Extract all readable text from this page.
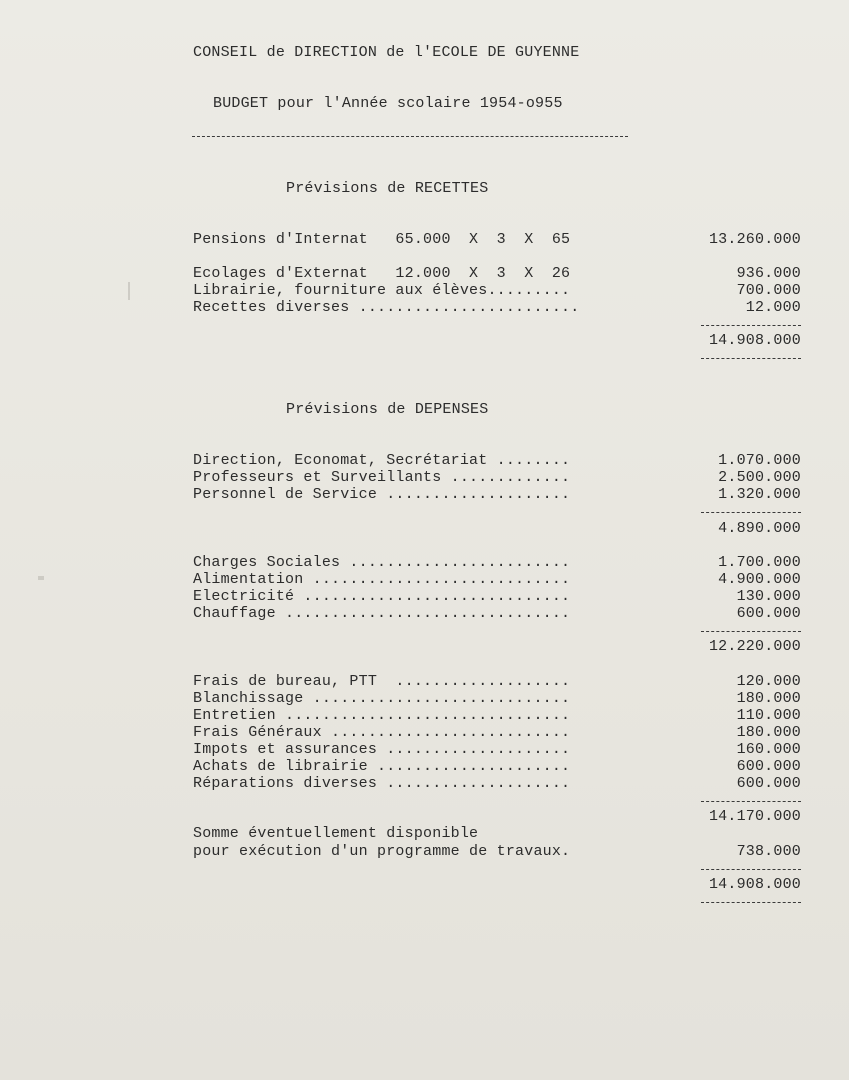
CONSEIL de DIRECTION de l'ECOLE DE GUYENNE
BUDGET pour l'Année scolaire 1954-o955
Prévisions de RECETTES
Pensions d'Internat   65.000  X  3  X  65	13.260.000
Ecolages d'Externat   12.000  X  3  X  26	936.000
Librairie, fourniture aux élèves.........	700.000
Recettes diverses ........................	12.000
14.908.000
Prévisions de DEPENSES
Direction, Economat, Secrétariat ........	1.070.000
Professeurs et Surveillants .............	2.500.000
Personnel de Service ....................	1.320.000
4.890.000
Charges Sociales ........................	1.700.000
Alimentation ............................	4.900.000
Electricité .............................	130.000
Chauffage ...............................	600.000
12.220.000
Frais de bureau, PTT  ...................	120.000
Blanchissage ............................	180.000
Entretien ...............................	110.000
Frais Généraux ..........................	180.000
Impots et assurances ....................	160.000
Achats de librairie .....................	600.000
Réparations diverses ....................	600.000
14.170.000
Somme éventuellement disponible
pour exécution d'un programme de travaux.	738.000
14.908.000
